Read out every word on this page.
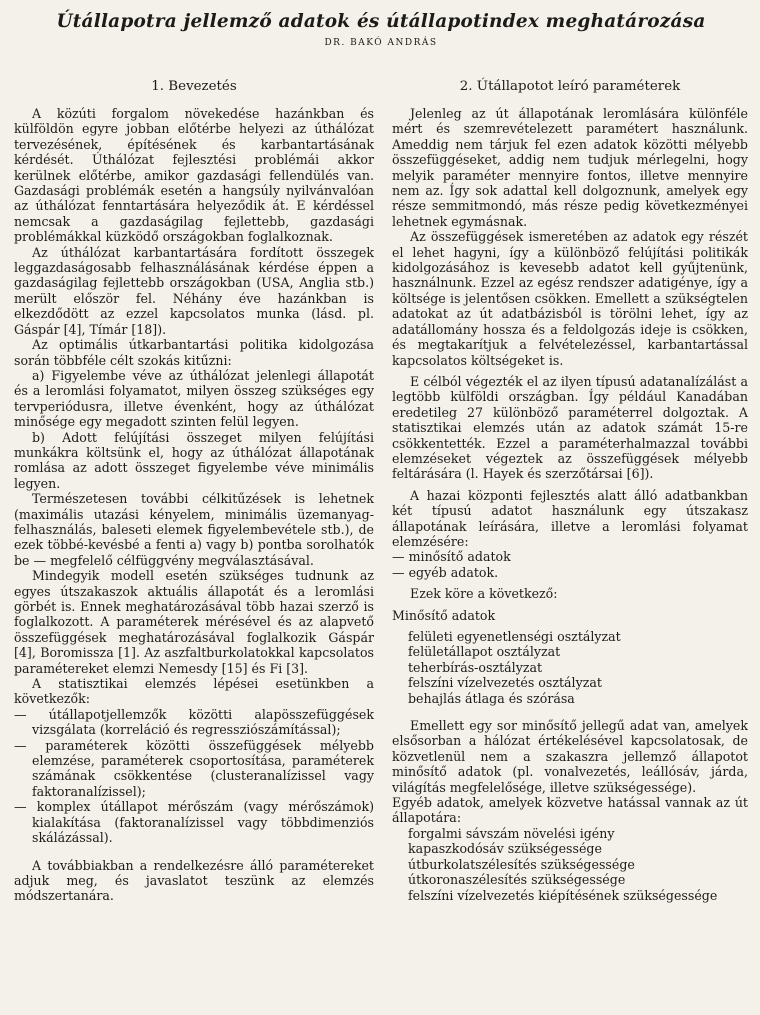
Útállapotra jellemző adatok és útállapotindex meghatározása
DR. BAKÓ ANDRÁS
1. Bevezetés

A közúti forgalom növekedése hazánkban és külföldön egyre jobban előtérbe helyezi az úthálózat tervezésének, építésének és karbantartásának kérdését. Úthálózat fejlesztési problémái akkor kerülnek előtérbe, amikor gazdasági fellendülés van. Gazdasági problémák esetén a hangsúly nyilvánvalóan az úthálózat fenntartására helyeződik át. E kérdéssel nemcsak a gazdaságilag fejlettebb, gazdasági problémákkal küzködő országokban foglalkoznak.

Az úthálózat karbantartására fordított összegek leggazdaságosabb felhasználásának kérdése éppen a gazdaságilag fejlettebb országokban (USA, Anglia stb.) merült először fel. Néhány éve hazánkban is elkezdődött az ezzel kapcsolatos munka (lásd. pl. Gáspár [4], Tímár [18]).

Az optimális útkarbantartási politika kidolgozása során többféle célt szokás kitűzni:

a) Figyelembe véve az úthálózat jelenlegi állapotát és a leromlási folyamatot, milyen összeg szükséges egy tervperiódusra, illetve évenként, hogy az úthálózat minősége egy megadott szinten felül legyen.

b) Adott felújítási összeget milyen felújítási munkákra költsünk el, hogy az úthálózat állapotának romlása az adott összeget figyelembe véve minimális legyen.

Természetesen további célkitűzések is lehetnek (maximális utazási kényelem, minimális üzemanyag-felhasználás, baleseti elemek figyelembevétele stb.), de ezek többé-kevésbé a fenti a) vagy b) pontba sorolhatók be — megfelelő célfüggvény megválasztásával.

Mindegyik modell esetén szükséges tudnunk az egyes útszakaszok aktuális állapotát és a leromlási görbét is. Ennek meghatározásával több hazai szerző is foglalkozott. A paraméterek mérésével és az alapvető összefüggések meghatározásával foglalkozik Gáspár [4], Boromissza [1]. Az aszfaltburkolatokkal kapcsolatos paramétereket elemzi Nemesdy [15] és Fi [3].

A statisztikai elemzés lépései esetünkben a következők:

— útállapotjellemzők közötti alapösszefüggések vizsgálata (korreláció és regressziószámítással);
— paraméterek közötti összefüggések mélyebb elemzése, paraméterek csoportosítása, paraméterek számának csökkentése (clusteranalízissel vagy faktoranalízissel);
— komplex útállapot mérőszám (vagy mérőszámok) kialakítása (faktoranalízissel vagy többdimenziós skálázással).

A továbbiakban a rendelkezésre álló paramétereket adjuk meg, és javaslatot teszünk az elemzés módszertanára.

2. Útállapotot leíró paraméterek

Jelenleg az út állapotának leromlására különféle mért és szemrevételezett paramétert használunk. Ameddig nem tárjuk fel ezen adatok közötti mélyebb összefüggéseket, addig nem tudjuk mérlegelni, hogy melyik paraméter mennyire fontos, illetve mennyire nem az. Így sok adattal kell dolgoznunk, amelyek egy része semmitmondó, más része pedig következményei lehetnek egymásnak.

Az összefüggések ismeretében az adatok egy részét el lehet hagyni, így a különböző felújítási politikák kidolgozásához is kevesebb adatot kell gyűjtenünk, használnunk. Ezzel az egész rendszer adatigénye, így a költsége is jelentősen csökken. Emellett a szükségtelen adatokat az út adatbázisból is törölni lehet, így az adatállomány hossza és a feldolgozás ideje is csökken, és megtakarítjuk a felvételezéssel, karbantartással kapcsolatos költségeket is.

E célból végezték el az ilyen típusú adatanalízálást a legtöbb külföldi országban. Így például Kanadában eredetileg 27 különböző paraméterrel dolgoztak. A statisztikai elemzés után az adatok számát 15-re csökkentették. Ezzel a paraméterhalmazzal további elemzéseket végeztek az összefüggések mélyebb feltárására (l. Hayek és szerzőtársai [6]).

A hazai központi fejlesztés alatt álló adatbankban két típusú adatot használunk egy útszakasz állapotának leírására, illetve a leromlási folyamat elemzésére:

— minősítő adatok
— egyéb adatok.

Ezek köre a következő:

Minősítő adatok

felületi egyenetlenségi osztályzat
felületállapot osztályzat
teherbírás-osztályzat
felszíni vízelvezetés osztályzat
behajlás átlaga és szórása

Emellett egy sor minősítő jellegű adat van, amelyek elsősorban a hálózat értékelésével kapcsolatosak, de közvetlenül nem a szakaszra jellemző állapotot minősítő adatok (pl. vonalvezetés, leállósáv, járda, világítás megfelelősége, illetve szükségessége).

Egyéb adatok, amelyek közvetve hatással vannak az út állapotára:

forgalmi sávszám növelési igény
kapaszkodósáv szükségessége
útburkolatszélesítés szükségessége
útkoronaszélesítés szükségessége
felszíni vízelvezetés kiépítésének szükségessége
